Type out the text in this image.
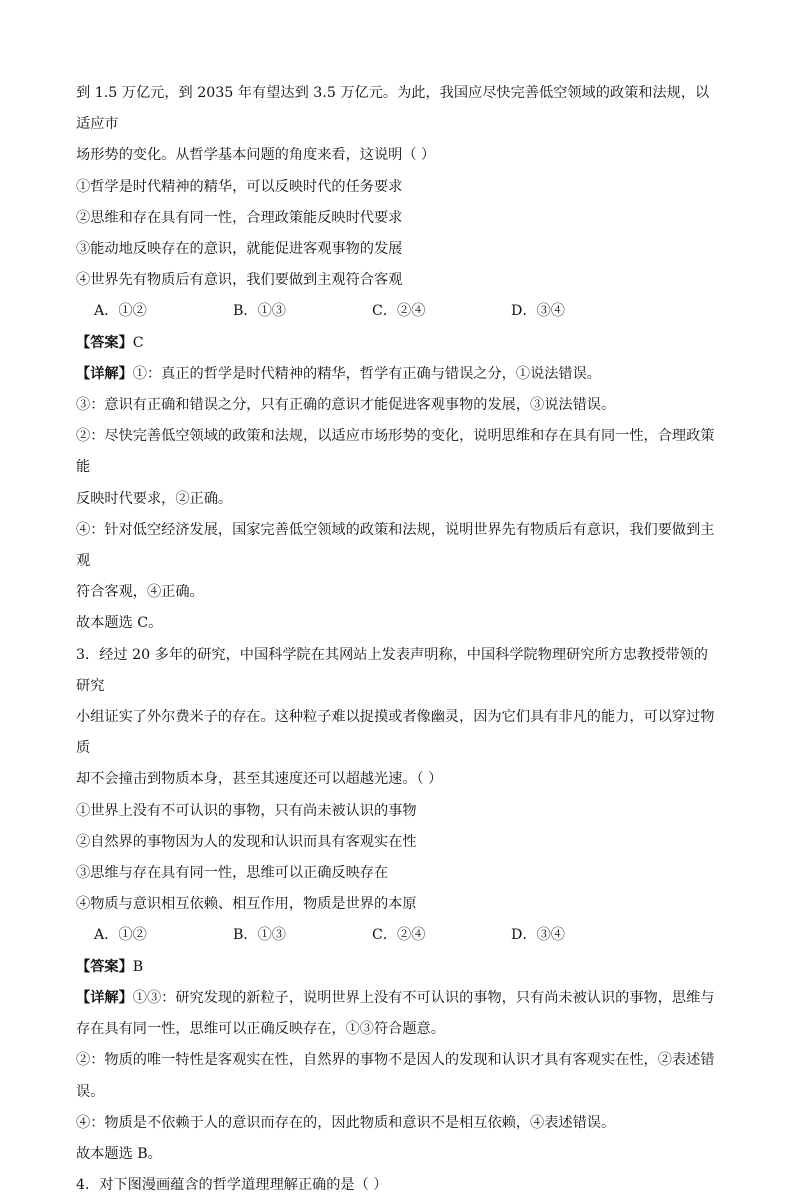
到 1.5 万亿元，到 2035 年有望达到 3.5 万亿元。为此，我国应尽快完善低空领域的政策和法规，以适应市

场形势的变化。从哲学基本问题的角度来看，这说明（ ）

①哲学是时代精神的精华，可以反映时代的任务要求

②思维和存在具有同一性，合理政策能反映时代要求

③能动地反映存在的意识，就能促进客观事物的发展

④世界先有物质后有意识，我们要做到主观符合客观

A．①②	B．①③	C．②④	D．③④

【答案】C

【详解】①：真正的哲学是时代精神的精华，哲学有正确与错误之分，①说法错误。

③：意识有正确和错误之分，只有正确的意识才能促进客观事物的发展，③说法错误。

②：尽快完善低空领域的政策和法规，以适应市场形势的变化，说明思维和存在具有同一性，合理政策能

反映时代要求，②正确。

④：针对低空经济发展，国家完善低空领域的政策和法规，说明世界先有物质后有意识，我们要做到主观

符合客观，④正确。

故本题选 C。

3．经过 20 多年的研究，中国科学院在其网站上发表声明称，中国科学院物理研究所方忠教授带领的研究

小组证实了外尔费米子的存在。这种粒子难以捉摸或者像幽灵，因为它们具有非凡的能力，可以穿过物质

却不会撞击到物质本身，甚至其速度还可以超越光速。（ ）

①世界上没有不可认识的事物，只有尚未被认识的事物

②自然界的事物因为人的发现和认识而具有客观实在性

③思维与存在具有同一性，思维可以正确反映存在

④物质与意识相互依赖、相互作用，物质是世界的本原

A．①②	B．①③	C．②④	D．③④

【答案】B

【详解】①③：研究发现的新粒子，说明世界上没有不可认识的事物，只有尚未被认识的事物，思维与

存在具有同一性，思维可以正确反映存在，①③符合题意。

②：物质的唯一特性是客观实在性，自然界的事物不是因人的发现和认识才具有客观实在性，②表述错

误。

④：物质是不依赖于人的意识而存在的，因此物质和意识不是相互依赖，④表述错误。

故本题选 B。

4．对下图漫画蕴含的哲学道理理解正确的是（ ）
